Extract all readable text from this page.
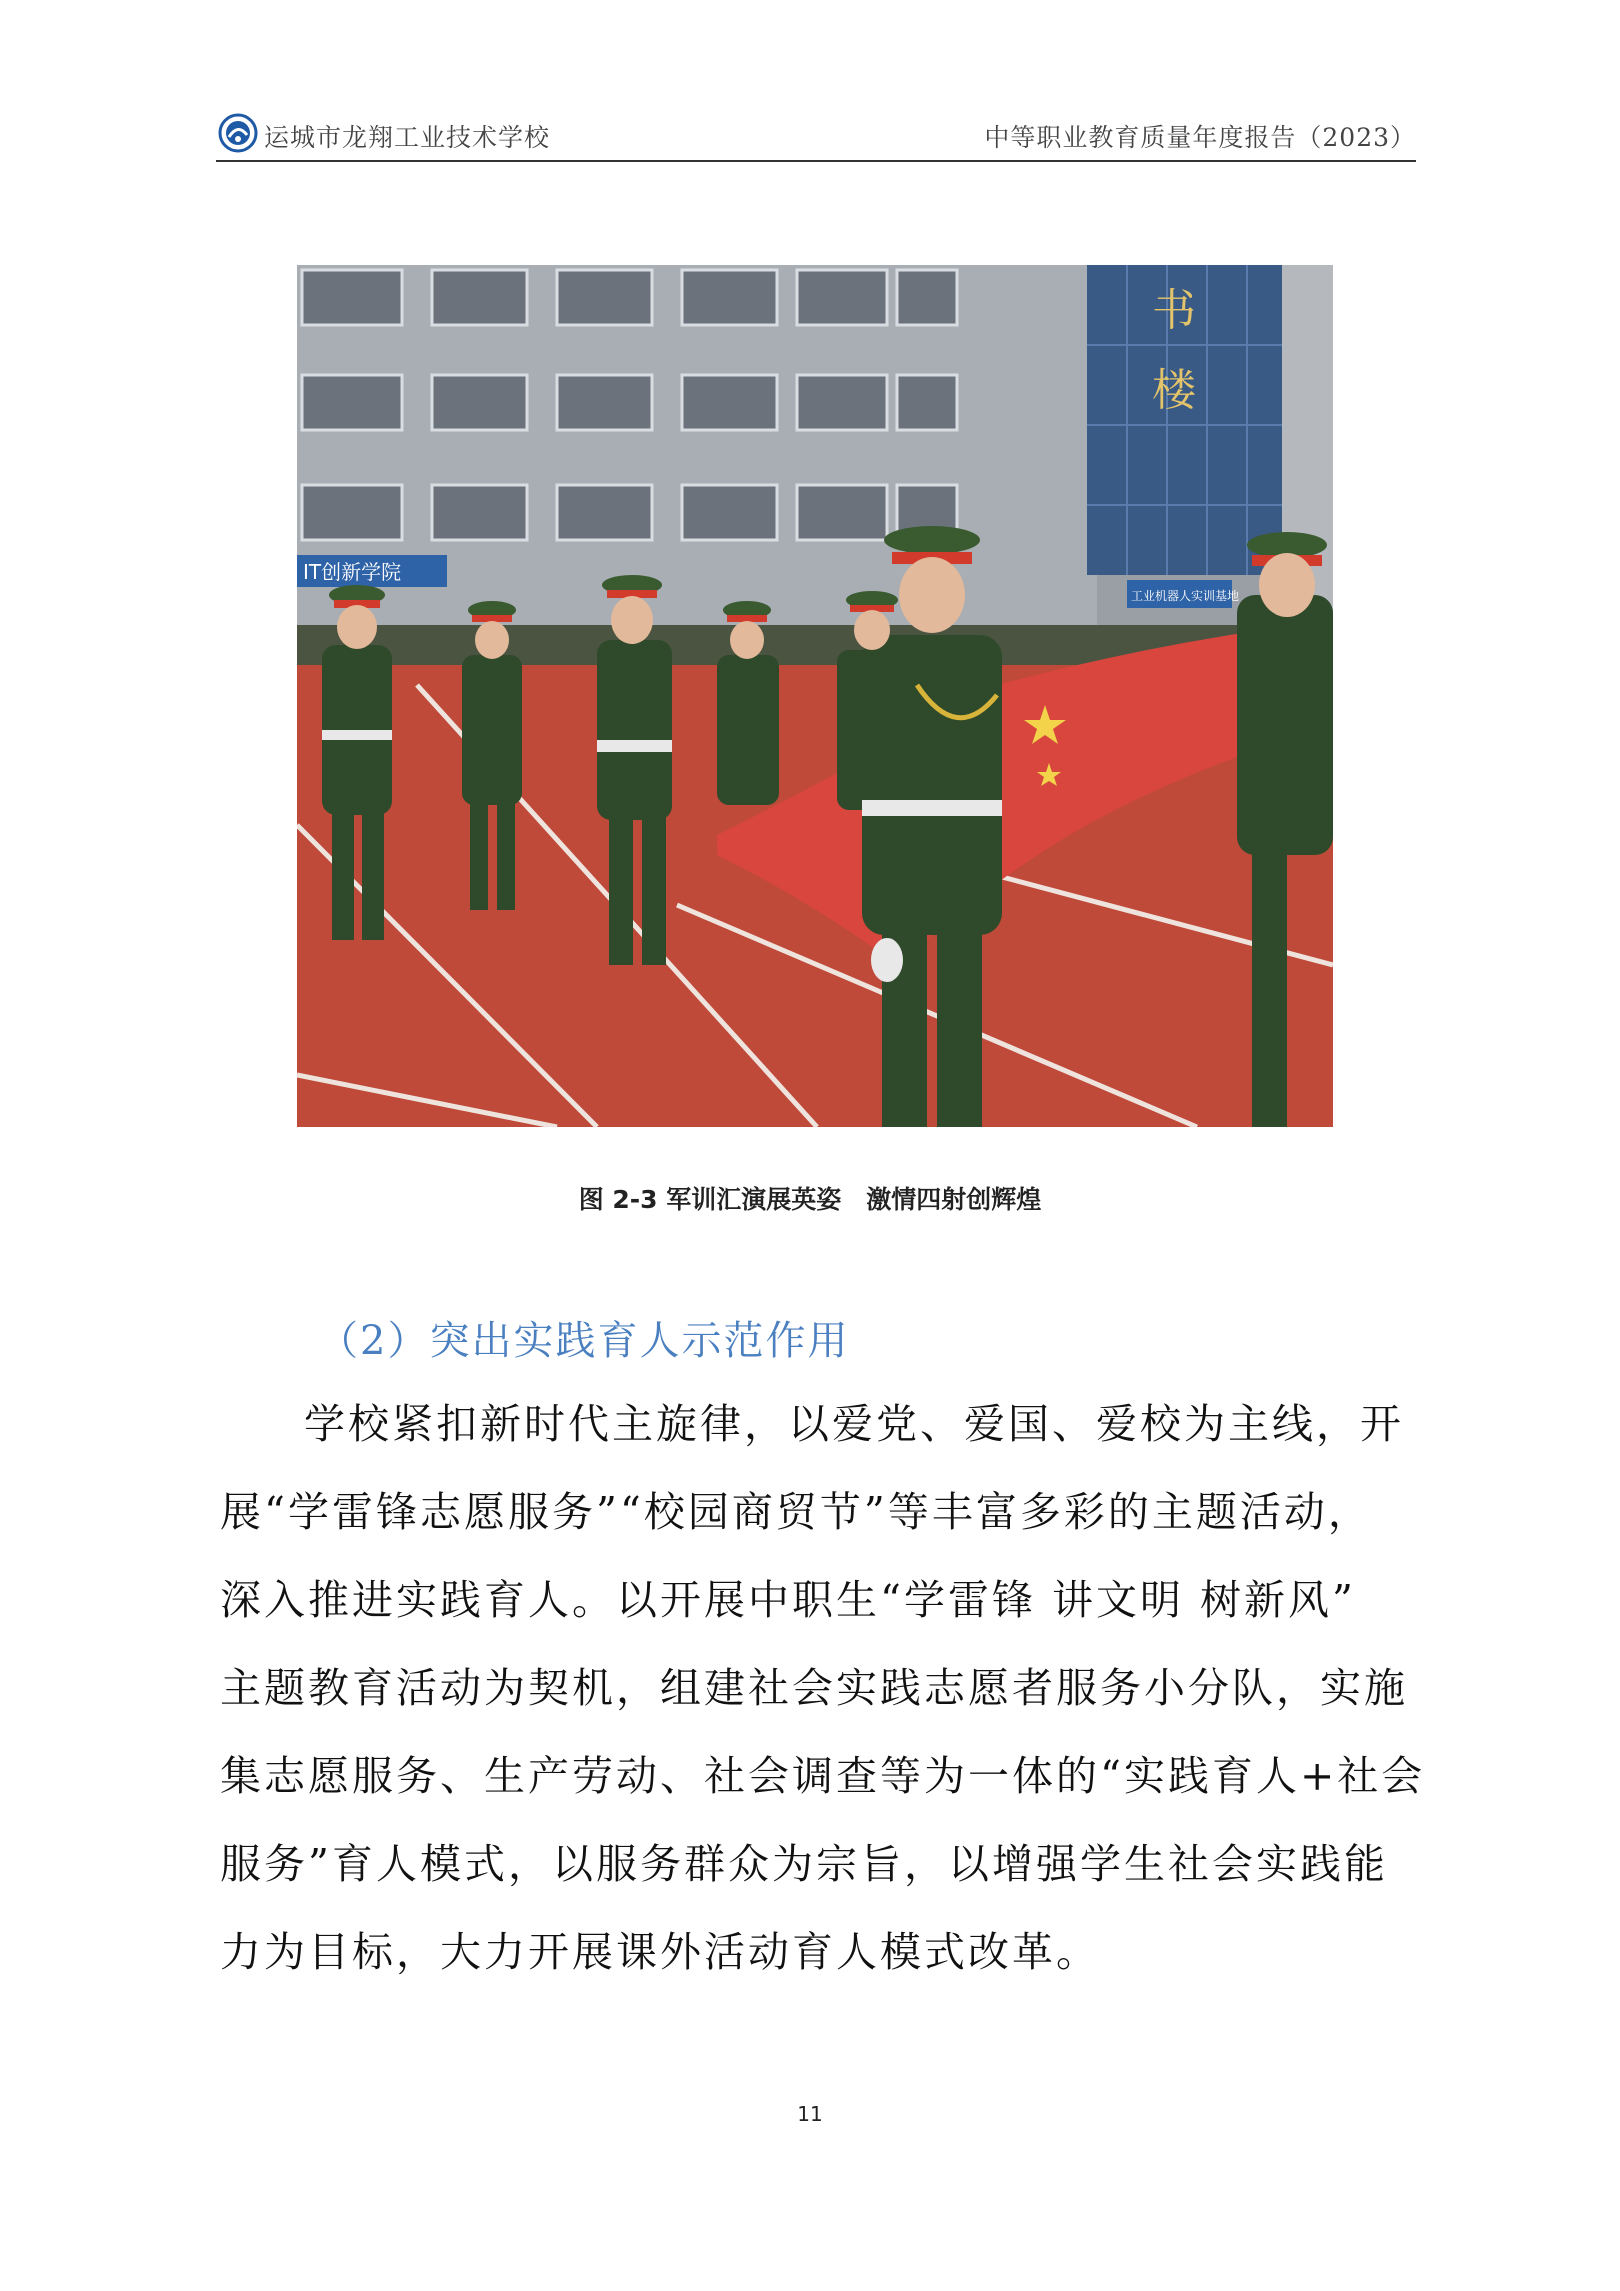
运城市龙翔工业技术学校	中等职业教育质量年度报告（2023）
书
楼
IT创新学院
工业机器人实训基地
图 2-3 军训汇演展英姿　激情四射创辉煌
（2）突出实践育人示范作用
学校紧扣新时代主旋律，以爱党、爱国、爱校为主线，开
展“学雷锋志愿服务”“校园商贸节”等丰富多彩的主题活动，
深入推进实践育人。以开展中职生“学雷锋 讲文明 树新风”
主题教育活动为契机，组建社会实践志愿者服务小分队，实施
集志愿服务、生产劳动、社会调查等为一体的“实践育人+社会
服务”育人模式，以服务群众为宗旨，以增强学生社会实践能
力为目标，大力开展课外活动育人模式改革。
11
